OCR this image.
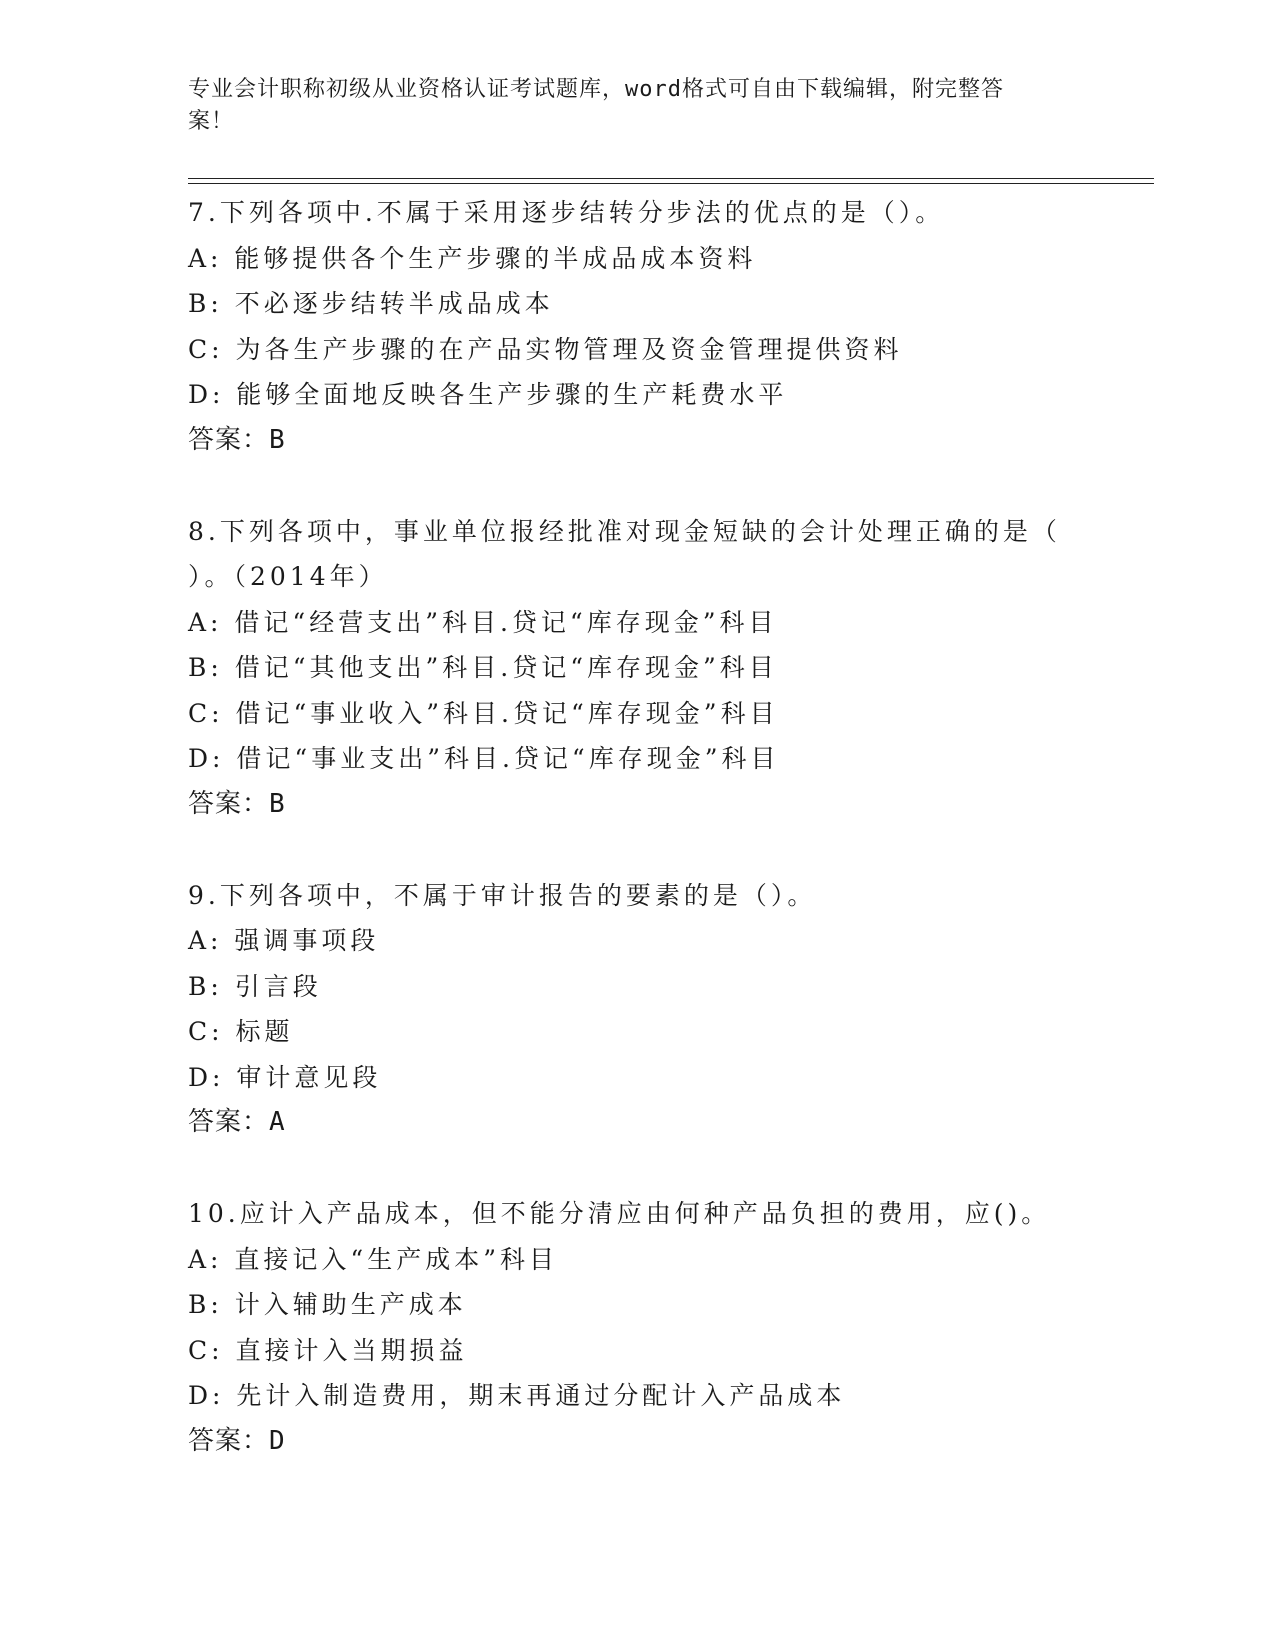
专业会计职称初级从业资格认证考试题库，word格式可自由下载编辑，附完整答
案！
7.下列各项中.不属于采用逐步结转分步法的优点的是（）。
A: 能够提供各个生产步骤的半成品成本资料
B: 不必逐步结转半成品成本
C: 为各生产步骤的在产品实物管理及资金管理提供资料
D: 能够全面地反映各生产步骤的生产耗费水平
答案：B
8.下列各项中，事业单位报经批准对现金短缺的会计处理正确的是（
）。（2014年）
A: 借记“经营支出”科目.贷记“库存现金”科目
B: 借记“其他支出”科目.贷记“库存现金”科目
C: 借记“事业收入”科目.贷记“库存现金”科目
D: 借记“事业支出”科目.贷记“库存现金”科目
答案：B
9.下列各项中，不属于审计报告的要素的是（）。
A: 强调事项段
B: 引言段
C: 标题
D: 审计意见段
答案：A
10.应计入产品成本，但不能分清应由何种产品负担的费用，应()。
A: 直接记入“生产成本”科目
B: 计入辅助生产成本
C: 直接计入当期损益
D: 先计入制造费用，期末再通过分配计入产品成本
答案：D
